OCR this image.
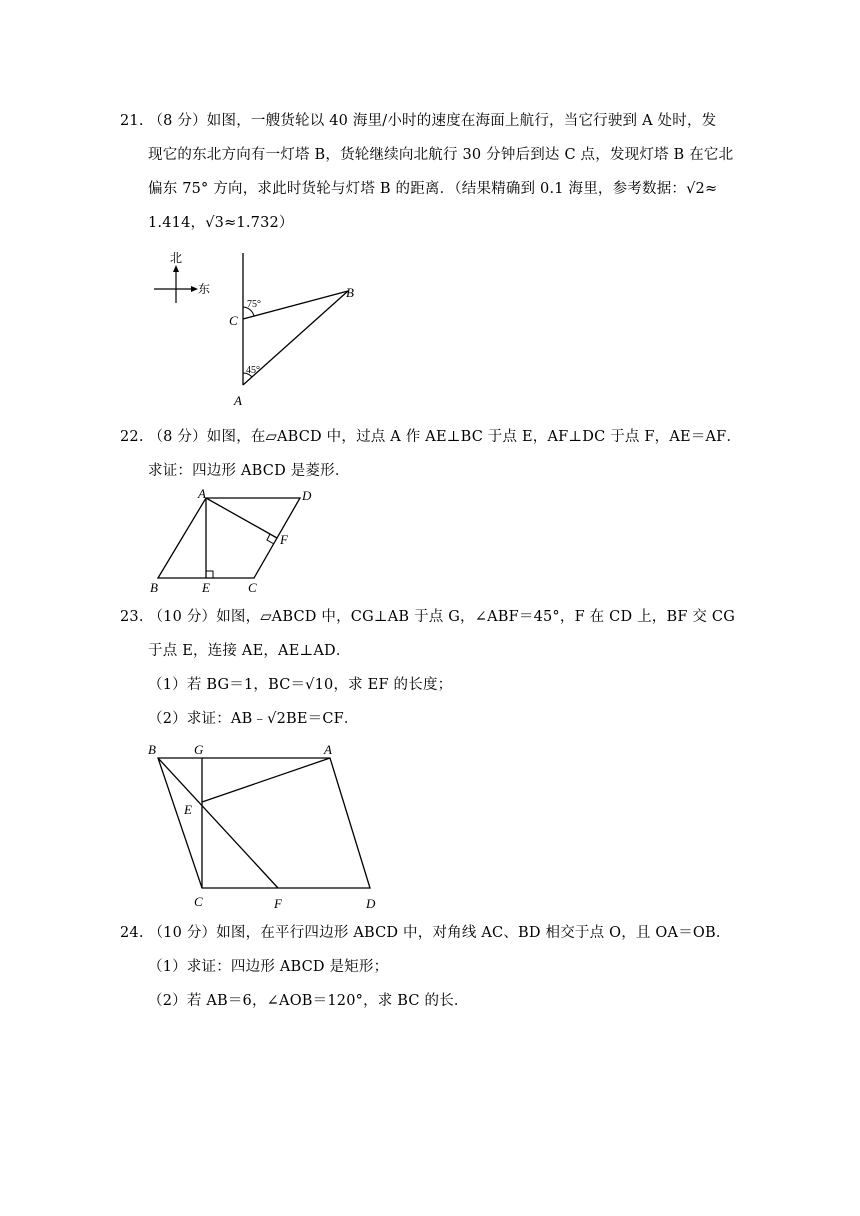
21. （8 分）如图，一艘货轮以 40 海里/小时的速度在海面上航行，当它行驶到 A 处时，发
现它的东北方向有一灯塔 B，货轮继续向北航行 30 分钟后到达 C 点，发现灯塔 B 在它北
偏东 75° 方向，求此时货轮与灯塔 B 的距离．（结果精确到 0.1 海里，参考数据：√2≈
1.414，√3≈1.732）
北
东
75°
45°
B
C
A
22. （8 分）如图，在▱ABCD 中，过点 A 作 AE⊥BC 于点 E，AF⊥DC 于点 F，AE＝AF．
求证：四边形 ABCD 是菱形．
A	D
F
B	E	C
23. （10 分）如图，▱ABCD 中，CG⊥AB 于点 G，∠ABF＝45°，F 在 CD 上，BF 交 CG
于点 E，连接 AE，AE⊥AD．
（1）若 BG＝1，BC＝√10，求 EF 的长度；
（2）求证：AB﹣√2BE＝CF．
B	G	A
E
C	F	D
24. （10 分）如图，在平行四边形 ABCD 中，对角线 AC、BD 相交于点 O，且 OA＝OB．
（1）求证：四边形 ABCD 是矩形；
（2）若 AB＝6，∠AOB＝120°，求 BC 的长．
